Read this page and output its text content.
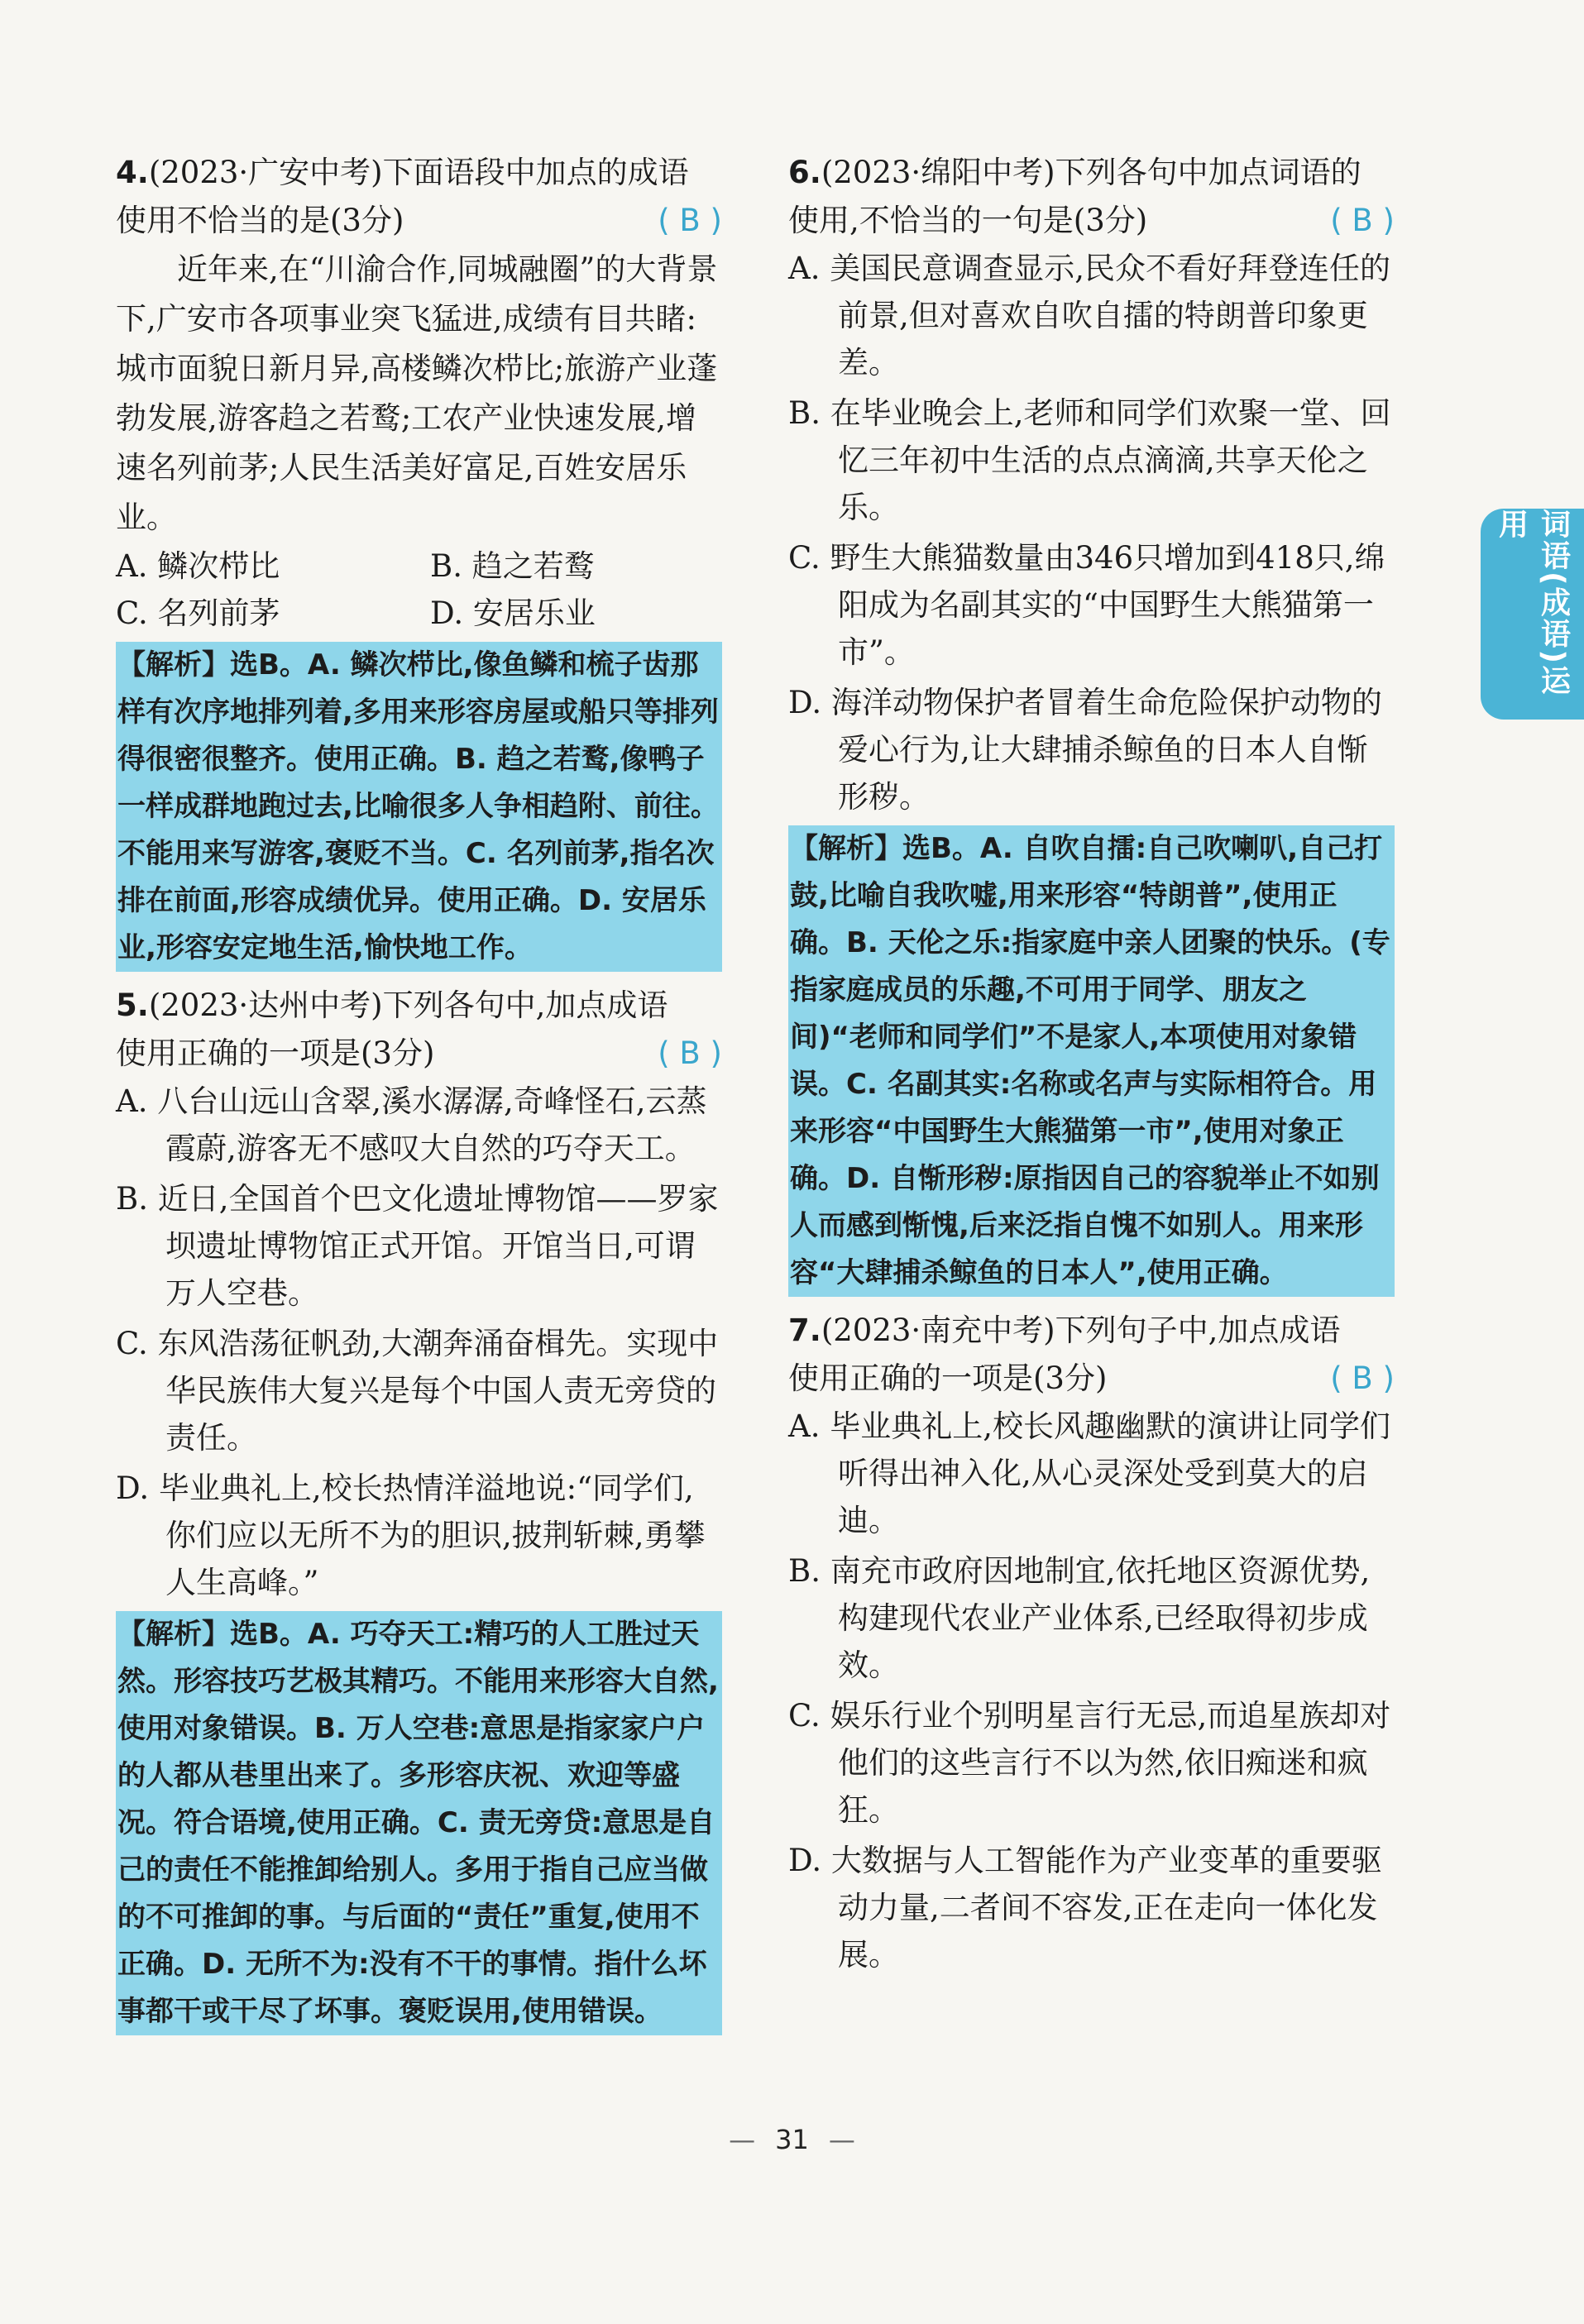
4.(2023·广安中考)下面语段中加点的成语
使用不恰当的是(3分)	( B )

近年来,在“川渝合作,同城融圈”的大背景下,广安市各项事业突飞猛进,成绩有目共睹:城市面貌日新月异,高楼鳞次栉比;旅游产业蓬勃发展,游客趋之若鹜;工农产业快速发展,增速名列前茅;人民生活美好富足,百姓安居乐业。

A. 鳞次栉比	B. 趋之若鹜
C. 名列前茅	D. 安居乐业
【解析】选B。A. 鳞次栉比,像鱼鳞和梳子齿那样有次序地排列着,多用来形容房屋或船只等排列得很密很整齐。使用正确。B. 趋之若鹜,像鸭子一样成群地跑过去,比喻很多人争相趋附、前往。不能用来写游客,褒贬不当。C. 名列前茅,指名次排在前面,形容成绩优异。使用正确。D. 安居乐业,形容安定地生活,愉快地工作。
5.(2023·达州中考)下列各句中,加点成语
使用正确的一项是(3分)	( B )

A. 八台山远山含翠,溪水潺潺,奇峰怪石,云蒸霞蔚,游客无不感叹大自然的巧夺天工。

B. 近日,全国首个巴文化遗址博物馆——罗家坝遗址博物馆正式开馆。开馆当日,可谓万人空巷。

C. 东风浩荡征帆劲,大潮奔涌奋楫先。实现中华民族伟大复兴是每个中国人责无旁贷的责任。

D. 毕业典礼上,校长热情洋溢地说:“同学们,你们应以无所不为的胆识,披荆斩棘,勇攀人生高峰。”

【解析】选B。A. 巧夺天工:精巧的人工胜过天然。形容技巧艺极其精巧。不能用来形容大自然,使用对象错误。B. 万人空巷:意思是指家家户户的人都从巷里出来了。多形容庆祝、欢迎等盛况。符合语境,使用正确。C. 责无旁贷:意思是自己的责任不能推卸给别人。多用于指自己应当做的不可推卸的事。与后面的“责任”重复,使用不正确。D. 无所不为:没有不干的事情。指什么坏事都干或干尽了坏事。褒贬误用,使用错误。
6.(2023·绵阳中考)下列各句中加点词语的
使用,不恰当的一句是(3分)	( B )

A. 美国民意调查显示,民众不看好拜登连任的前景,但对喜欢自吹自擂的特朗普印象更差。

B. 在毕业晚会上,老师和同学们欢聚一堂、回忆三年初中生活的点点滴滴,共享天伦之乐。

C. 野生大熊猫数量由346只增加到418只,绵阳成为名副其实的“中国野生大熊猫第一市”。

D. 海洋动物保护者冒着生命危险保护动物的爱心行为,让大肆捕杀鲸鱼的日本人自惭形秽。

【解析】选B。A. 自吹自擂:自己吹喇叭,自己打鼓,比喻自我吹嘘,用来形容“特朗普”,使用正确。B. 天伦之乐:指家庭中亲人团聚的快乐。(专指家庭成员的乐趣,不可用于同学、朋友之间)“老师和同学们”不是家人,本项使用对象错误。C. 名副其实:名称或名声与实际相符合。用来形容“中国野生大熊猫第一市”,使用对象正确。D. 自惭形秽:原指因自己的容貌举止不如别人而感到惭愧,后来泛指自愧不如别人。用来形容“大肆捕杀鲸鱼的日本人”,使用正确。
7.(2023·南充中考)下列句子中,加点成语
使用正确的一项是(3分)	( B )

A. 毕业典礼上,校长风趣幽默的演讲让同学们听得出神入化,从心灵深处受到莫大的启迪。

B. 南充市政府因地制宜,依托地区资源优势,构建现代农业产业体系,已经取得初步成效。

C. 娱乐行业个别明星言行无忌,而追星族却对他们的这些言行不以为然,依旧痴迷和疯狂。

D. 大数据与人工智能作为产业变革的重要驱动力量,二者间不容发,正在走向一体化发展。

词语(成语)运用
— 31 —
